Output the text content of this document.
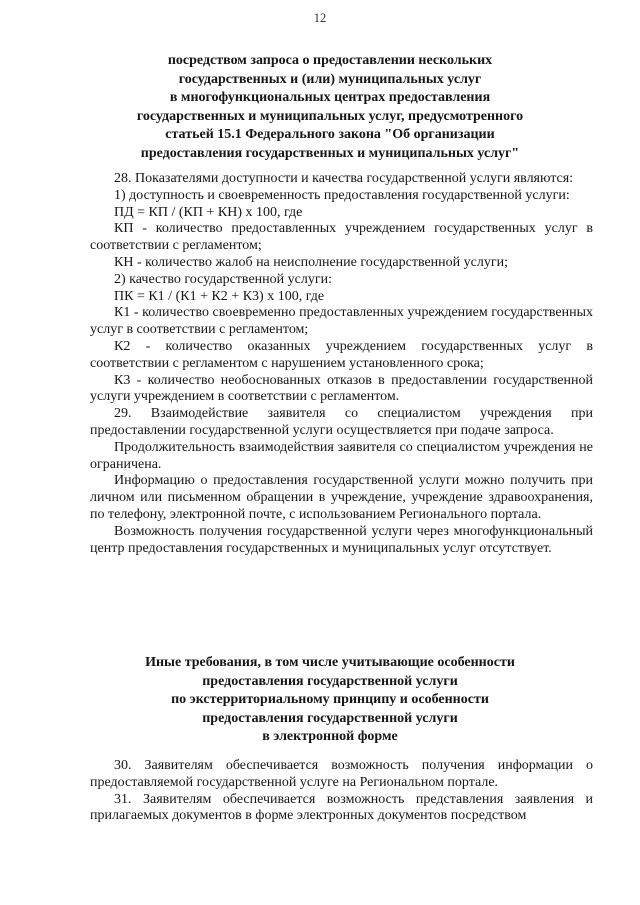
12
посредством запроса о предоставлении нескольких
государственных и (или) муниципальных услуг
в многофункциональных центрах предоставления
государственных и муниципальных услуг, предусмотренного
статьей 15.1 Федерального закона "Об организации
предоставления государственных и муниципальных услуг"

28. Показателями доступности и качества государственной услуги являются:

1) доступность и своевременность предоставления государственной услуги:

ПД = КП / (КП + КН) x 100, где

КП - количество предоставленных учреждением государственных услуг в соответствии с регламентом;

КН - количество жалоб на неисполнение государственной услуги;

2) качество государственной услуги:

ПК = К1 / (К1 + К2 + К3) x 100, где

К1 - количество своевременно предоставленных учреждением государственных услуг в соответствии с регламентом;

К2 - количество оказанных учреждением государственных услуг в соответствии с регламентом с нарушением установленного срока;

К3 - количество необоснованных отказов в предоставлении государственной услуги учреждением в соответствии с регламентом.

29. Взаимодействие заявителя со специалистом учреждения при предоставлении государственной услуги осуществляется при подаче запроса.

Продолжительность взаимодействия заявителя со специалистом учреждения не ограничена.

Информацию о предоставления государственной услуги можно получить при личном или письменном обращении в учреждение, учреждение здравоохранения, по телефону, электронной почте, с использованием Регионального портала.

Возможность получения государственной услуги через многофункциональный центр предоставления государственных и муниципальных услуг отсутствует.

Иные требования, в том числе учитывающие особенности
предоставления государственной услуги
по экстерриториальному принципу и особенности
предоставления государственной услуги
в электронной форме

30. Заявителям обеспечивается возможность получения информации о предоставляемой государственной услуге на Региональном портале.

31. Заявителям обеспечивается возможность представления заявления и прилагаемых документов в форме электронных документов посредством
